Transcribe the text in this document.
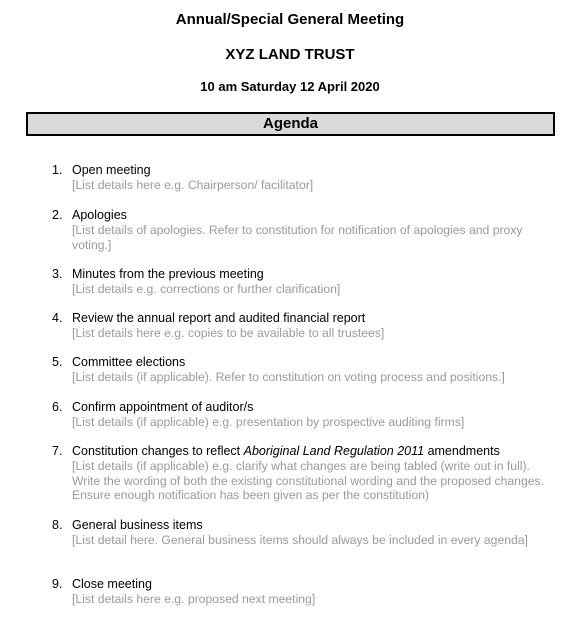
Annual/Special General Meeting
XYZ LAND TRUST
10 am Saturday 12 April 2020
Agenda
1. Open meeting
[List details here e.g. Chairperson/ facilitator]
2. Apologies
[List details of apologies. Refer to constitution for notification of apologies and proxy voting.]
3. Minutes from the previous meeting
[List details e.g. corrections or further clarification]
4. Review the annual report and audited financial report
[List details here e.g. copies to be available to all trustees]
5. Committee elections
[List details (if applicable). Refer to constitution on voting process and positions.]
6. Confirm appointment of auditor/s
[List details (if applicable) e.g. presentation by prospective auditing firms]
7. Constitution changes to reflect Aboriginal Land Regulation 2011 amendments
[List details (if applicable) e.g. clarify what changes are being tabled (write out in full). Write the wording of both the existing constitutional wording and the proposed changes. Ensure enough notification has been given as per the constitution)
8. General business items
[List detail here. General business items should always be included in every agenda]
9. Close meeting
[List details here e.g. proposed next meeting]
